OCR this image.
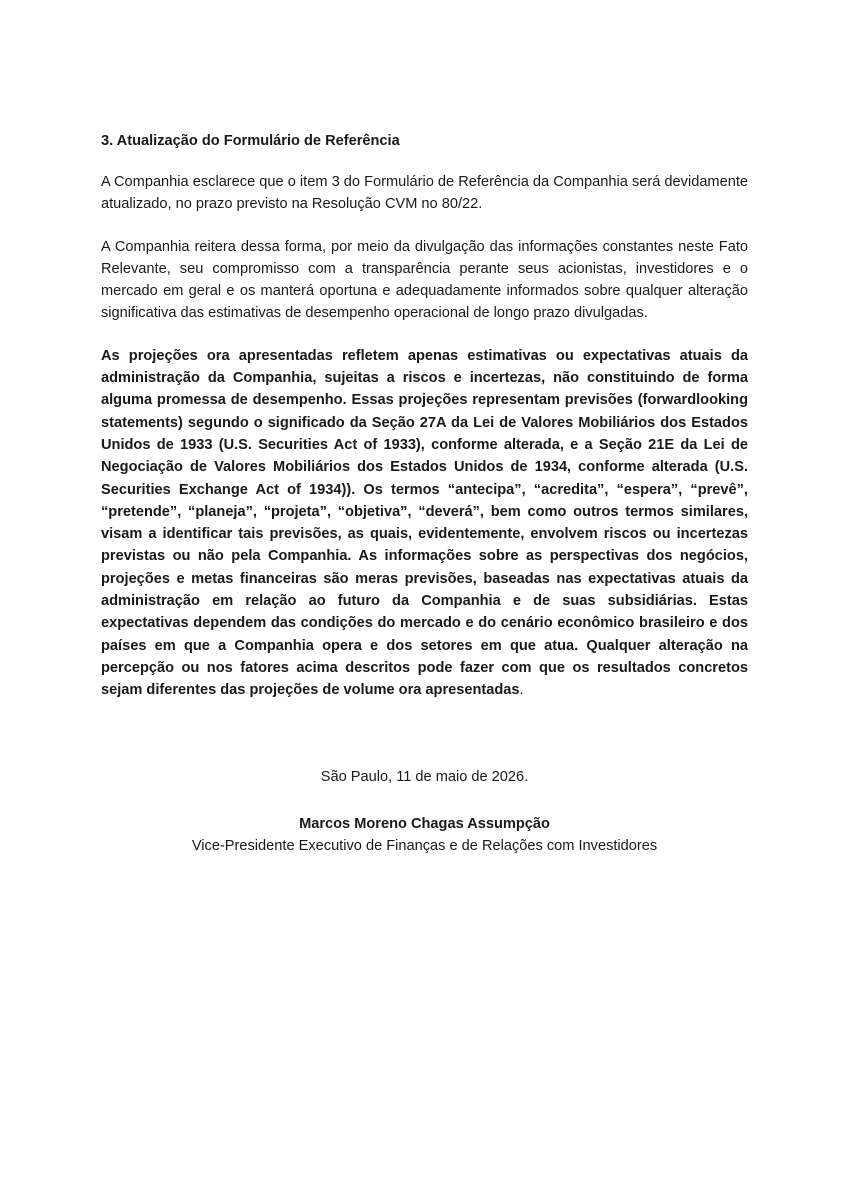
3. Atualização do Formulário de Referência

A Companhia esclarece que o item 3 do Formulário de Referência da Companhia será devidamente atualizado, no prazo previsto na Resolução CVM no 80/22.

A Companhia reitera dessa forma, por meio da divulgação das informações constantes neste Fato Relevante, seu compromisso com a transparência perante seus acionistas, investidores e o mercado em geral e os manterá oportuna e adequadamente informados sobre qualquer alteração significativa das estimativas de desempenho operacional de longo prazo divulgadas.

As projeções ora apresentadas refletem apenas estimativas ou expectativas atuais da administração da Companhia, sujeitas a riscos e incertezas, não constituindo de forma alguma promessa de desempenho. Essas projeções representam previsões (forwardlooking statements) segundo o significado da Seção 27A da Lei de Valores Mobiliários dos Estados Unidos de 1933 (U.S. Securities Act of 1933), conforme alterada, e a Seção 21E da Lei de Negociação de Valores Mobiliários dos Estados Unidos de 1934, conforme alterada (U.S. Securities Exchange Act of 1934)). Os termos “antecipa”, “acredita”, “espera”, “prevê”, “pretende”, “planeja”, “projeta”, “objetiva”, “deverá”, bem como outros termos similares, visam a identificar tais previsões, as quais, evidentemente, envolvem riscos ou incertezas previstas ou não pela Companhia. As informações sobre as perspectivas dos negócios, projeções e metas financeiras são meras previsões, baseadas nas expectativas atuais da administração em relação ao futuro da Companhia e de suas subsidiárias. Estas expectativas dependem das condições do mercado e do cenário econômico brasileiro e dos países em que a Companhia opera e dos setores em que atua. Qualquer alteração na percepção ou nos fatores acima descritos pode fazer com que os resultados concretos sejam diferentes das projeções de volume ora apresentadas.

São Paulo, 11 de maio de 2026.
Marcos Moreno Chagas Assumpção
Vice-Presidente Executivo de Finanças e de Relações com Investidores
